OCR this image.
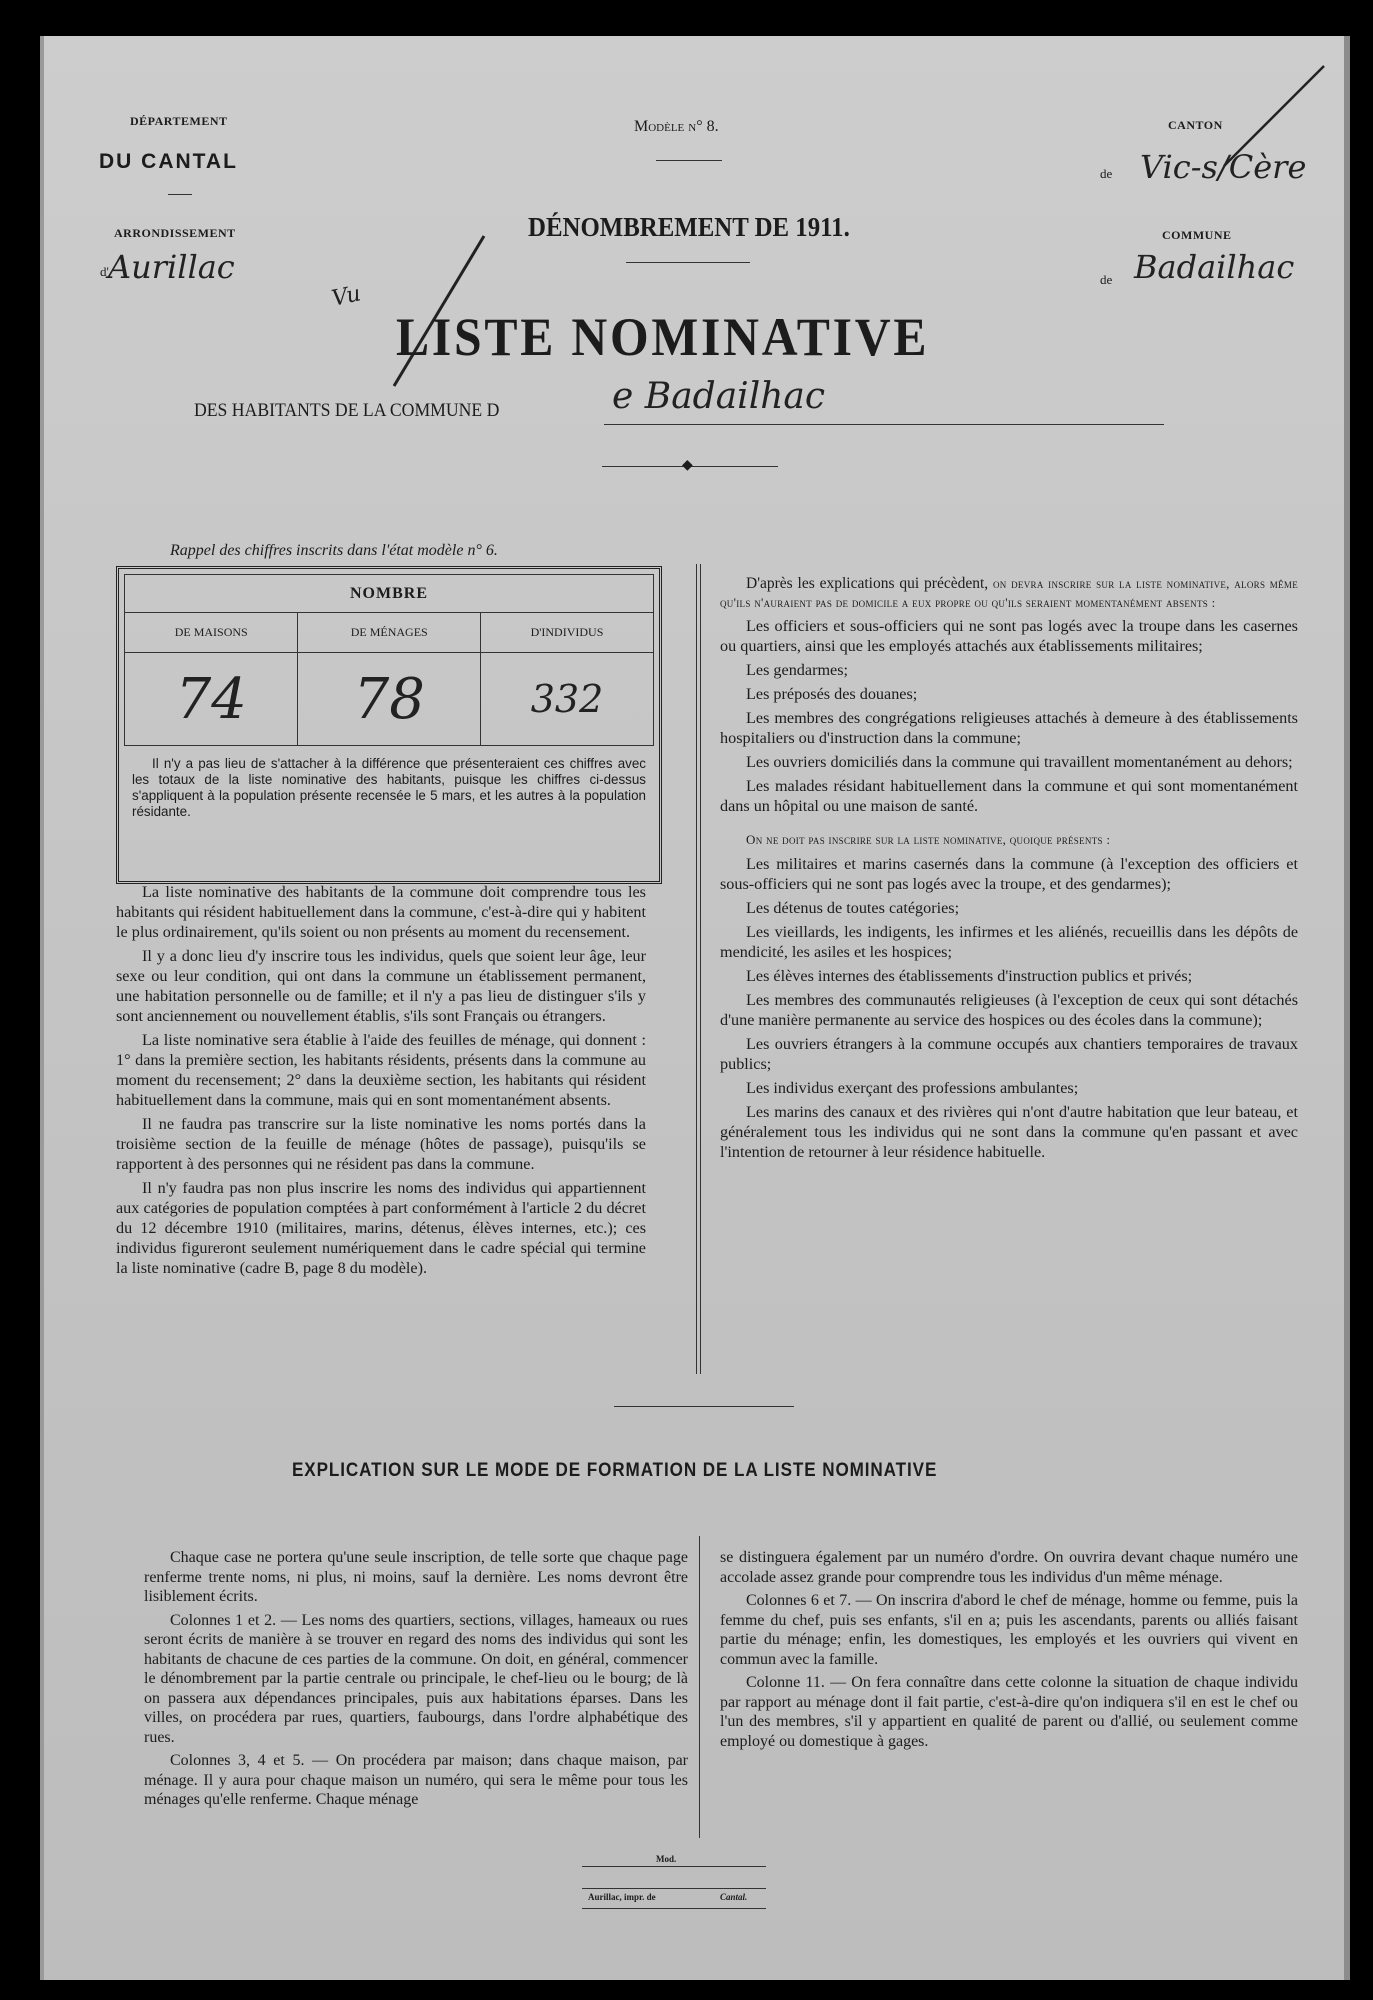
DÉPARTEMENT
DU CANTAL
ARRONDISSEMENT
d' Aurillac
Modèle n° 8.
DÉNOMBREMENT DE 1911.
CANTON
de Vic-s/Cère
COMMUNE
de Badailhac
Vu
LISTE NOMINATIVE
DES HABITANTS DE LA COMMUNE D	e Badailhac
◆
Rappel des chiffres inscrits dans l'état modèle n° 6.
NOMBRE		
DE MAISONS	DE MÉNAGES	D'INDIVIDUS
74	78	332
Il n'y a pas lieu de s'attacher à la différence que présenteraient ces chiffres avec les totaux de la liste nominative des habitants, puisque les chiffres ci-dessus s'appliquent à la population présente recensée le 5 mars, et les autres à la population résidante.

La liste nominative des habitants de la commune doit comprendre tous les habitants qui résident habituellement dans la commune, c'est-à-dire qui y habitent le plus ordinairement, qu'ils soient ou non présents au moment du recensement.

Il y a donc lieu d'y inscrire tous les individus, quels que soient leur âge, leur sexe ou leur condition, qui ont dans la commune un établissement permanent, une habitation personnelle ou de famille; et il n'y a pas lieu de distinguer s'ils y sont anciennement ou nouvellement établis, s'ils sont Français ou étrangers.

La liste nominative sera établie à l'aide des feuilles de ménage, qui donnent : 1° dans la première section, les habitants résidents, présents dans la commune au moment du recensement; 2° dans la deuxième section, les habitants qui résident habituellement dans la commune, mais qui en sont momentanément absents.

Il ne faudra pas transcrire sur la liste nominative les noms portés dans la troisième section de la feuille de ménage (hôtes de passage), puisqu'ils se rapportent à des personnes qui ne résident pas dans la commune.

Il n'y faudra pas non plus inscrire les noms des individus qui appartiennent aux catégories de population comptées à part conformément à l'article 2 du décret du 12 décembre 1910 (militaires, marins, détenus, élèves internes, etc.); ces individus figureront seulement numériquement dans le cadre spécial qui termine la liste nominative (cadre B, page 8 du modèle).

D'après les explications qui précèdent, on devra inscrire sur la liste nominative, alors même qu'ils n'auraient pas de domicile a eux propre ou qu'ils seraient momentanément absents :

Les officiers et sous-officiers qui ne sont pas logés avec la troupe dans les casernes ou quartiers, ainsi que les employés attachés aux établissements militaires;

Les gendarmes;

Les préposés des douanes;

Les membres des congrégations religieuses attachés à demeure à des établissements hospitaliers ou d'instruction dans la commune;

Les ouvriers domiciliés dans la commune qui travaillent momentanément au dehors;

Les malades résidant habituellement dans la commune et qui sont momentanément dans un hôpital ou une maison de santé.

On ne doit pas inscrire sur la liste nominative, quoique présents :

Les militaires et marins casernés dans la commune (à l'exception des officiers et sous-officiers qui ne sont pas logés avec la troupe, et des gendarmes);

Les détenus de toutes catégories;

Les vieillards, les indigents, les infirmes et les aliénés, recueillis dans les dépôts de mendicité, les asiles et les hospices;

Les élèves internes des établissements d'instruction publics et privés;

Les membres des communautés religieuses (à l'exception de ceux qui sont détachés d'une manière permanente au service des hospices ou des écoles dans la commune);

Les ouvriers étrangers à la commune occupés aux chantiers temporaires de travaux publics;

Les individus exerçant des professions ambulantes;

Les marins des canaux et des rivières qui n'ont d'autre habitation que leur bateau, et généralement tous les individus qui ne sont dans la commune qu'en passant et avec l'intention de retourner à leur résidence habituelle.

EXPLICATION SUR LE MODE DE FORMATION DE LA LISTE NOMINATIVE

Chaque case ne portera qu'une seule inscription, de telle sorte que chaque page renferme trente noms, ni plus, ni moins, sauf la dernière. Les noms devront être lisiblement écrits.

Colonnes 1 et 2. — Les noms des quartiers, sections, villages, hameaux ou rues seront écrits de manière à se trouver en regard des noms des individus qui sont les habitants de chacune de ces parties de la commune. On doit, en général, commencer le dénombrement par la partie centrale ou principale, le chef-lieu ou le bourg; de là on passera aux dépendances principales, puis aux habitations éparses. Dans les villes, on procédera par rues, quartiers, faubourgs, dans l'ordre alphabétique des rues.

Colonnes 3, 4 et 5. — On procédera par maison; dans chaque maison, par ménage. Il y aura pour chaque maison un numéro, qui sera le même pour tous les ménages qu'elle renferme. Chaque ménage

se distinguera également par un numéro d'ordre. On ouvrira devant chaque numéro une accolade assez grande pour comprendre tous les individus d'un même ménage.

Colonnes 6 et 7. — On inscrira d'abord le chef de ménage, homme ou femme, puis la femme du chef, puis ses enfants, s'il en a; puis les ascendants, parents ou alliés faisant partie du ménage; enfin, les domestiques, les employés et les ouvriers qui vivent en commun avec la famille.

Colonne 11. — On fera connaître dans cette colonne la situation de chaque individu par rapport au ménage dont il fait partie, c'est-à-dire qu'on indiquera s'il en est le chef ou l'un des membres, s'il y appartient en qualité de parent ou d'allié, ou seulement comme employé ou domestique à gages.

Mod.
Aurillac, impr. de	Cantal.
